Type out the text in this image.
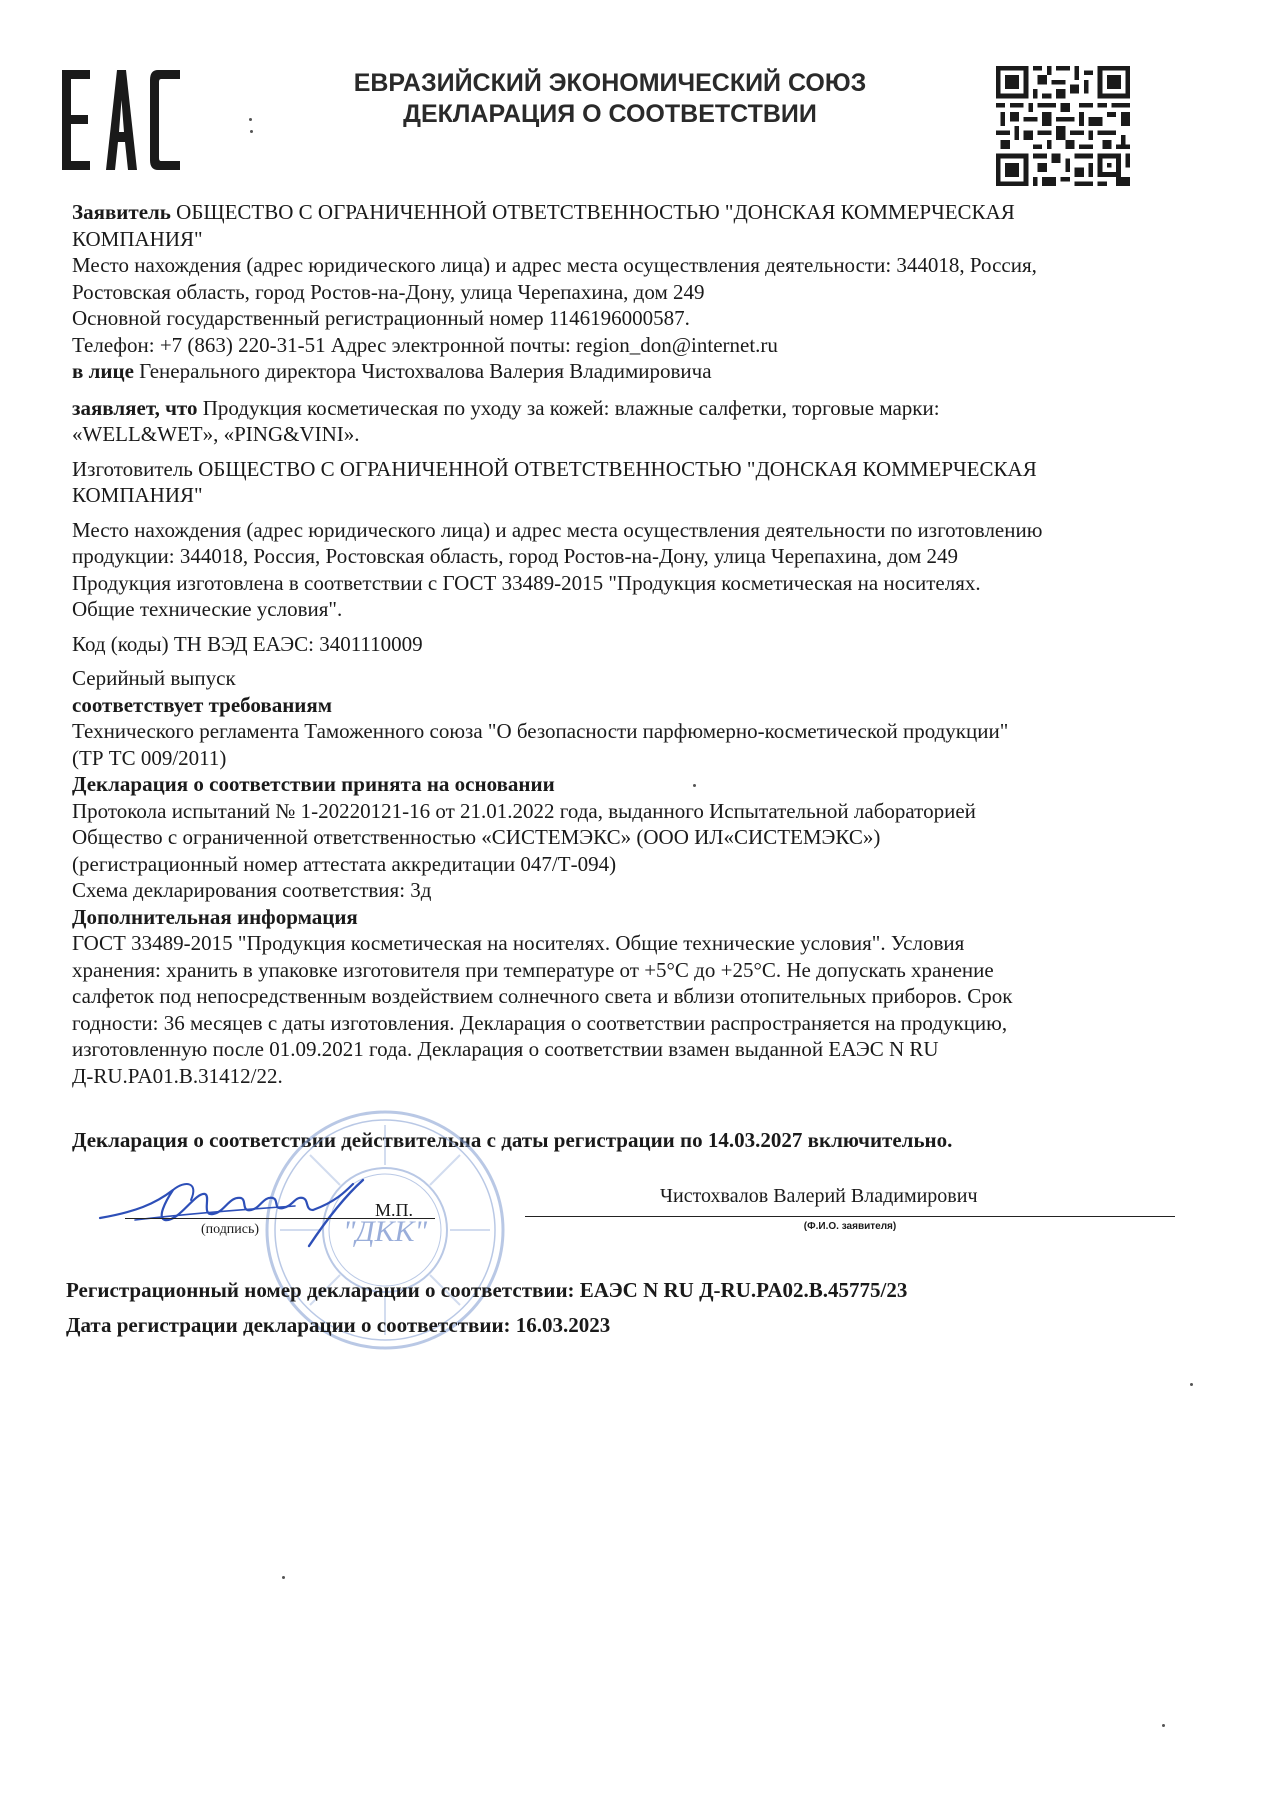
ЕВРАЗИЙСКИЙ ЭКОНОМИЧЕСКИЙ СОЮЗ
ДЕКЛАРАЦИЯ О СООТВЕТСТВИИ

Заявитель ОБЩЕСТВО С ОГРАНИЧЕННОЙ ОТВЕТСТВЕННОСТЬЮ "ДОНСКАЯ КОММЕРЧЕСКАЯ

КОМПАНИЯ"

Место нахождения (адрес юридического лица) и адрес места осуществления деятельности: 344018, Россия,

Ростовская область, город Ростов-на-Дону, улица Черепахина, дом 249

Основной государственный регистрационный номер 1146196000587.

Телефон: +7 (863) 220-31-51 Адрес электронной почты: region_don@internet.ru

в лице Генерального директора Чистохвалова Валерия Владимировича

заявляет, что Продукция косметическая по уходу за кожей: влажные салфетки, торговые марки:

«WELL&WET», «PING&VINI».

Изготовитель ОБЩЕСТВО С ОГРАНИЧЕННОЙ ОТВЕТСТВЕННОСТЬЮ "ДОНСКАЯ КОММЕРЧЕСКАЯ

КОМПАНИЯ"

Место нахождения (адрес юридического лица) и адрес места осуществления деятельности по изготовлению

продукции: 344018, Россия, Ростовская область, город Ростов-на-Дону, улица Черепахина, дом 249

Продукция изготовлена в соответствии с ГОСТ 33489-2015 "Продукция косметическая на носителях.

Общие технические условия".

Код (коды) ТН ВЭД ЕАЭС: 3401110009

Серийный выпуск

соответствует требованиям

Технического регламента Таможенного союза "О безопасности парфюмерно-косметической продукции"

(ТР ТС 009/2011)

Декларация о соответствии принята на основании

Протокола испытаний № 1-20220121-16 от 21.01.2022 года, выданного Испытательной лабораторией

Общество с ограниченной ответственностью «СИСТЕМЭКС» (ООО ИЛ«СИСТЕМЭКС»)

(регистрационный номер аттестата аккредитации 047/Т-094)

Схема декларирования соответствия: 3д

Дополнительная информация

ГОСТ 33489-2015 "Продукция косметическая на носителях. Общие технические условия". Условия

хранения: хранить в упаковке изготовителя при температуре от +5°С до +25°С. Не допускать хранение

салфеток под непосредственным воздействием солнечного света и вблизи отопительных приборов. Срок

годности: 36 месяцев с даты изготовления. Декларация о соответствии распространяется на продукцию,

изготовленную после 01.09.2021 года. Декларация о соответствии взамен выданной ЕАЭС N RU

Д-RU.PA01.B.31412/22.

Декларация о соответствии действительна с даты регистрации по 14.03.2027 включительно.
"ДКК"
(подпись)
М.П.
Чистохвалов Валерий Владимирович
(Ф.И.О. заявителя)
Регистрационный номер декларации о соответствии: ЕАЭС N RU Д-RU.PA02.B.45775/23
Дата регистрации декларации о соответствии: 16.03.2023
